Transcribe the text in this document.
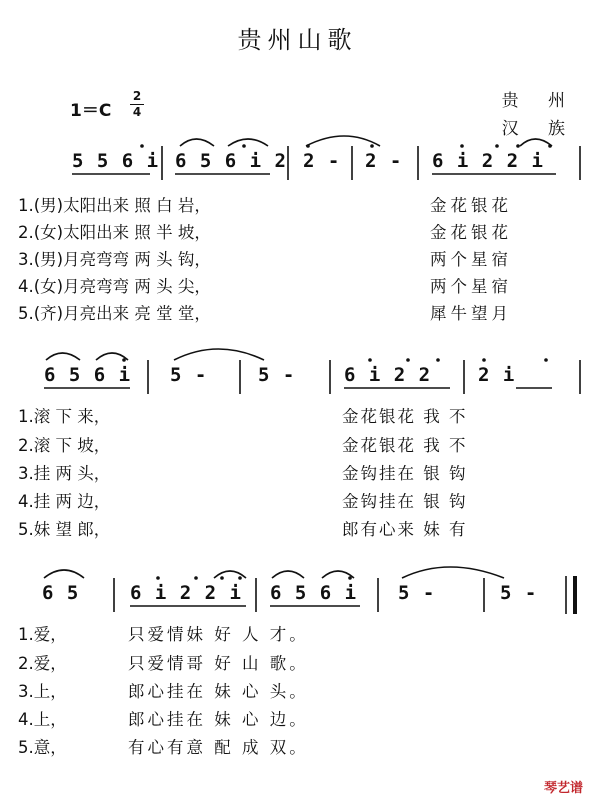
贵州山歌
1＝C
2
4
贵 州
汉 族
5 5 6 i 6 5 6 i 2 2 - 2 - 6 i 2 2 i
1.(男)太阳出来 照 白 岩，	金花银花
2.(女)太阳出来 照 半 坡，	金花银花
3.(男)月亮弯弯 两 头 钩，	两个星宿
4.(女)月亮弯弯 两 头 尖，	两个星宿
5.(齐)月亮出来 亮 堂 堂，	犀牛望月
6 5 6 i 5 -	5 -	6 i 2 2 2 i
1.滚 下 来，	金花银花 我 不
2.滚 下 坡，	金花银花 我 不
3.挂 两 头，	金钩挂在 银 钩
4.挂 两 边，	金钩挂在 银 钩
5.妹 望 郎，	郎有心来 妹 有
6 5	6 i 2 2 i 6 5 6 i 5 -	5 -
1.爱，	只爱情妹 好 人 才。
2.爱，	只爱情哥 好 山 歌。
3.上，	郎心挂在 妹 心 头。
4.上，	郎心挂在 妹 心 边。
5.意，	有心有意 配 成 双。
琴艺谱
